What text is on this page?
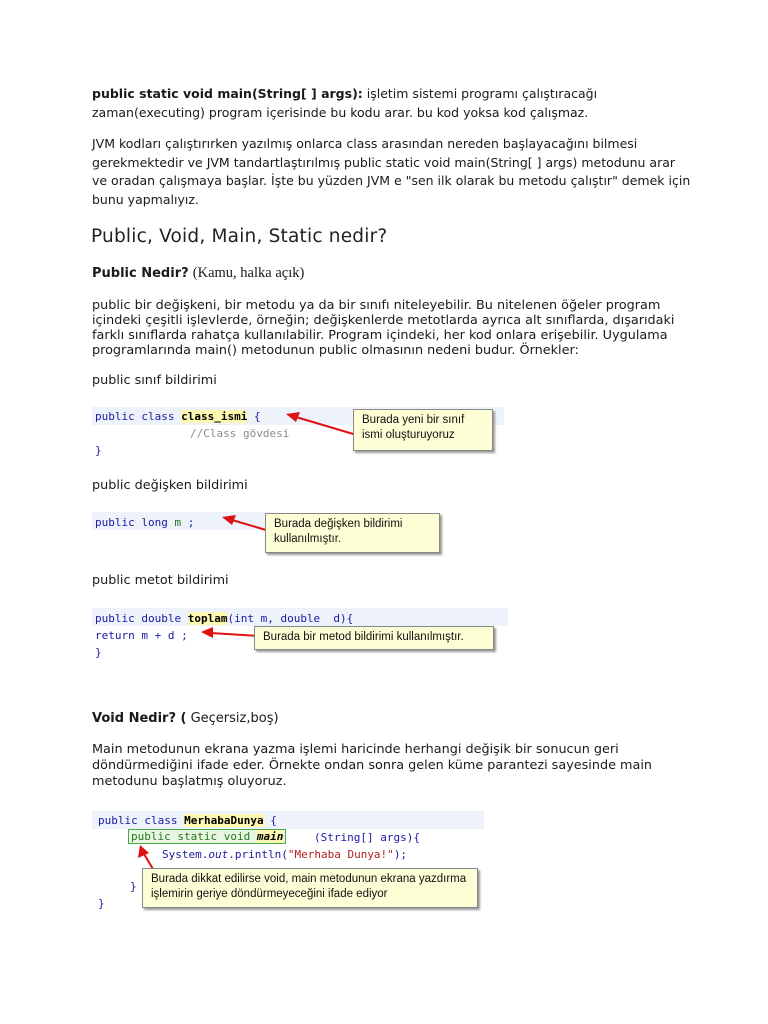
public static void main(String[ ] args): işletim sistemi programı çalıştıracağı zaman(executing) program içerisinde bu kodu arar. bu kod yoksa kod çalışmaz.
JVM kodları çalıştırırken yazılmış onlarca class arasından nereden başlayacağını bilmesi gerekmektedir ve JVM tandartlaştırılmış public static void main(String[ ] args) metodunu arar ve oradan çalışmaya başlar. İşte bu yüzden JVM e "sen ilk olarak bu metodu çalıştır" demek için bunu yapmalıyız.
Public, Void, Main, Static nedir?
Public Nedir? (Kamu, halka açık)
public bir değişkeni, bir metodu ya da bir sınıfı niteleyebilir. Bu nitelenen öğeler program içindeki çeşitli işlevlerde, örneğin; değişkenlerde metotlarda ayrıca alt sınıflarda, dışarıdaki farklı sınıflarda rahatça kullanılabilir. Program içindeki, her kod onlara erişebilir. Uygulama programlarında main() metodunun public olmasının nedeni budur. Örnekler:
public sınıf bildirimi
public class class_ismi {
//Class gövdesi
}
Burada yeni bir sınıf ismi oluşturuyoruz
public değişken bildirimi
public long m ;	Burada değişken bildirimi kullanılmıştır.
public metot bildirimi
public double toplam(int m, double  d){
return m + d ;
}
Burada bir metod bildirimi kullanılmıştır.
Void Nedir? ( Geçersiz,boş)
Main metodunun ekrana yazma işlemi haricinde herhangi değişik bir sonucun geri döndürmediğini ifade eder. Örnekte ondan sonra gelen küme parantezi sayesinde main metodunu başlatmış oluyoruz.
public class MerhabaDunya {
public static void main	(String[] args){
System.out.println("Merhaba Dunya!");
}
}
Burada dikkat edilirse void, main metodunun ekrana yazdırma işlemirin geriye döndürmeyeceğini ifade ediyor
